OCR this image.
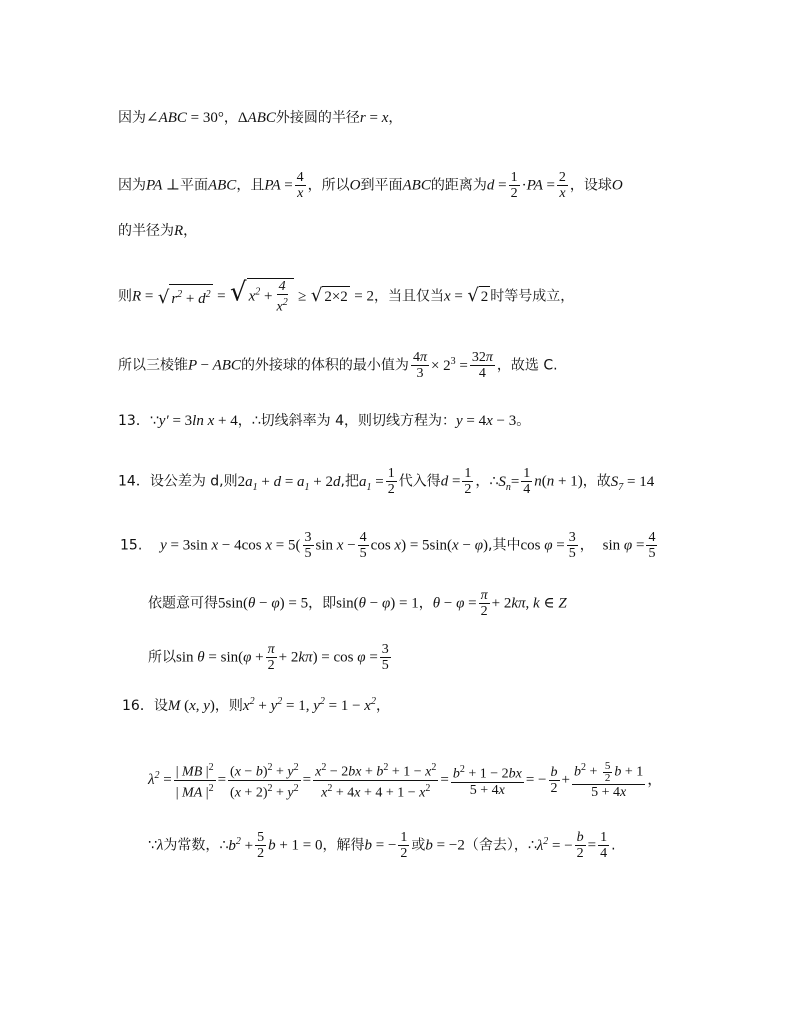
因为∠ABC = 30°，ΔABC外接圆的半径r = x，
因为PA ⊥平面ABC，且PA = $\frac{4}{x}$ ，所以O到平面ABC的距离为$d = \frac{1}{2} \cdot PA = \frac{2}{x}$ ，设球O
的半径为R，
则R = √ $r^2 + d^2$ = √ $x^2 + \frac{4}{x^2}$ ≥ √ 2×2 = 2，当且仅当x = √ 2 时等号成立，
所以三棱锥P − ABC的外接球的体积的最小值为 $\frac{4\pi}{3} \times 2^3 = \frac{32\pi}{4}$ ，故选 C.
13．∵y′ = 3ln x + 4，∴切线斜率为 4，则切线方程为：y = 4x − 3。
14．设公差为 d,则$2a_1 + d = a_1 + 2d$,把$a_1 = \frac{1}{2}$ 代入得$d = \frac{1}{2}$ ，$\therefore S_n= \frac{1}{4} n(n + 1)$，故$S_7 = 14$
15. y = 3sin x − 4cos $x = 5( \frac{3}{5}$ $\sin x - \frac{4}{5}$ cos x) = 5sin(x − φ),其中$\cos \varphi = \frac{3}{5}$ ， $\sin \varphi = \frac{4}{5}$
依题意可得5sin(θ − φ) = 5，即sin(θ − φ) = 1，$\theta - \varphi = \frac{\pi}{2} + 2k\pi$, k ∈ Z
所以$\sin \theta = \sin(\varphi + \frac{\pi}{2} + 2k\pi) = \cos \varphi = \frac{3}{5}$
16．设M (x, y)，则$x^2 + y^2 = 1$, $y^2 = 1 - x^2$，
$\lambda^2 = \frac{| MB |^2}{| MA |^2} = \frac{(x - b)^2 + y^2}{(x + 2)^2 + y^2} = \frac{x^2 - 2bx + b^2 + 1 - x^2}{x^2 + 4x + 4 + 1 - x^2} = \frac{b^2 + 1 - 2bx}{5 + 4x}$ = − $\frac{b}{2} + \frac{b^2 + \frac{5}{2} b + 1}{5 + 4x}$ ，
∵λ为常数，$\therefore b^2 + \frac{5}{2}$ b + 1 = 0，解得b = − $\frac{1}{2}$ 或b = −2（舍去），$\therefore\lambda^2$ = − $\frac{b}{2} = \frac{1}{4}$ .
